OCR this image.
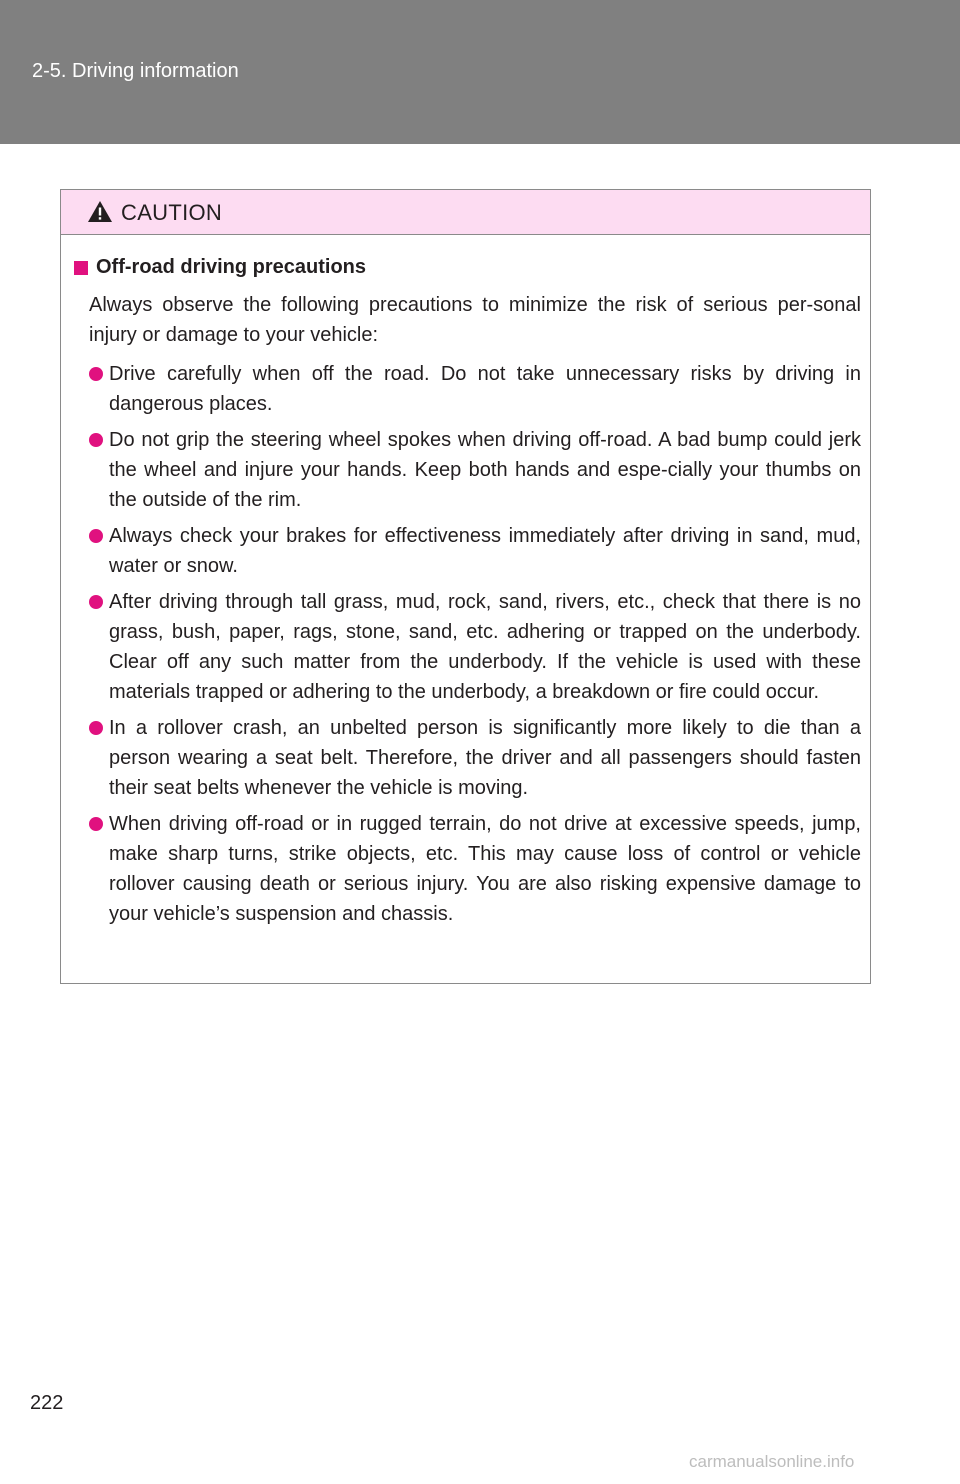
2-5. Driving information
CAUTION
Off-road driving precautions
Always observe the following precautions to minimize the risk of serious per-sonal injury or damage to your vehicle:
Drive carefully when off the road. Do not take unnecessary risks by driving in dangerous places.
Do not grip the steering wheel spokes when driving off-road. A bad bump could jerk the wheel and injure your hands. Keep both hands and espe-cially your thumbs on the outside of the rim.
Always check your brakes for effectiveness immediately after driving in sand, mud, water or snow.
After driving through tall grass, mud, rock, sand, rivers, etc., check that there is no grass, bush, paper, rags, stone, sand, etc. adhering or trapped on the underbody. Clear off any such matter from the underbody. If the vehicle is used with these materials trapped or adhering to the underbody, a breakdown or fire could occur.
In a rollover crash, an unbelted person is significantly more likely to die than a person wearing a seat belt. Therefore, the driver and all passengers should fasten their seat belts whenever the vehicle is moving.
When driving off-road or in rugged terrain, do not drive at excessive speeds, jump, make sharp turns, strike objects, etc. This may cause loss of control or vehicle rollover causing death or serious injury. You are also risking expensive damage to your vehicle’s suspension and chassis.
222
carmanualsonline.info
